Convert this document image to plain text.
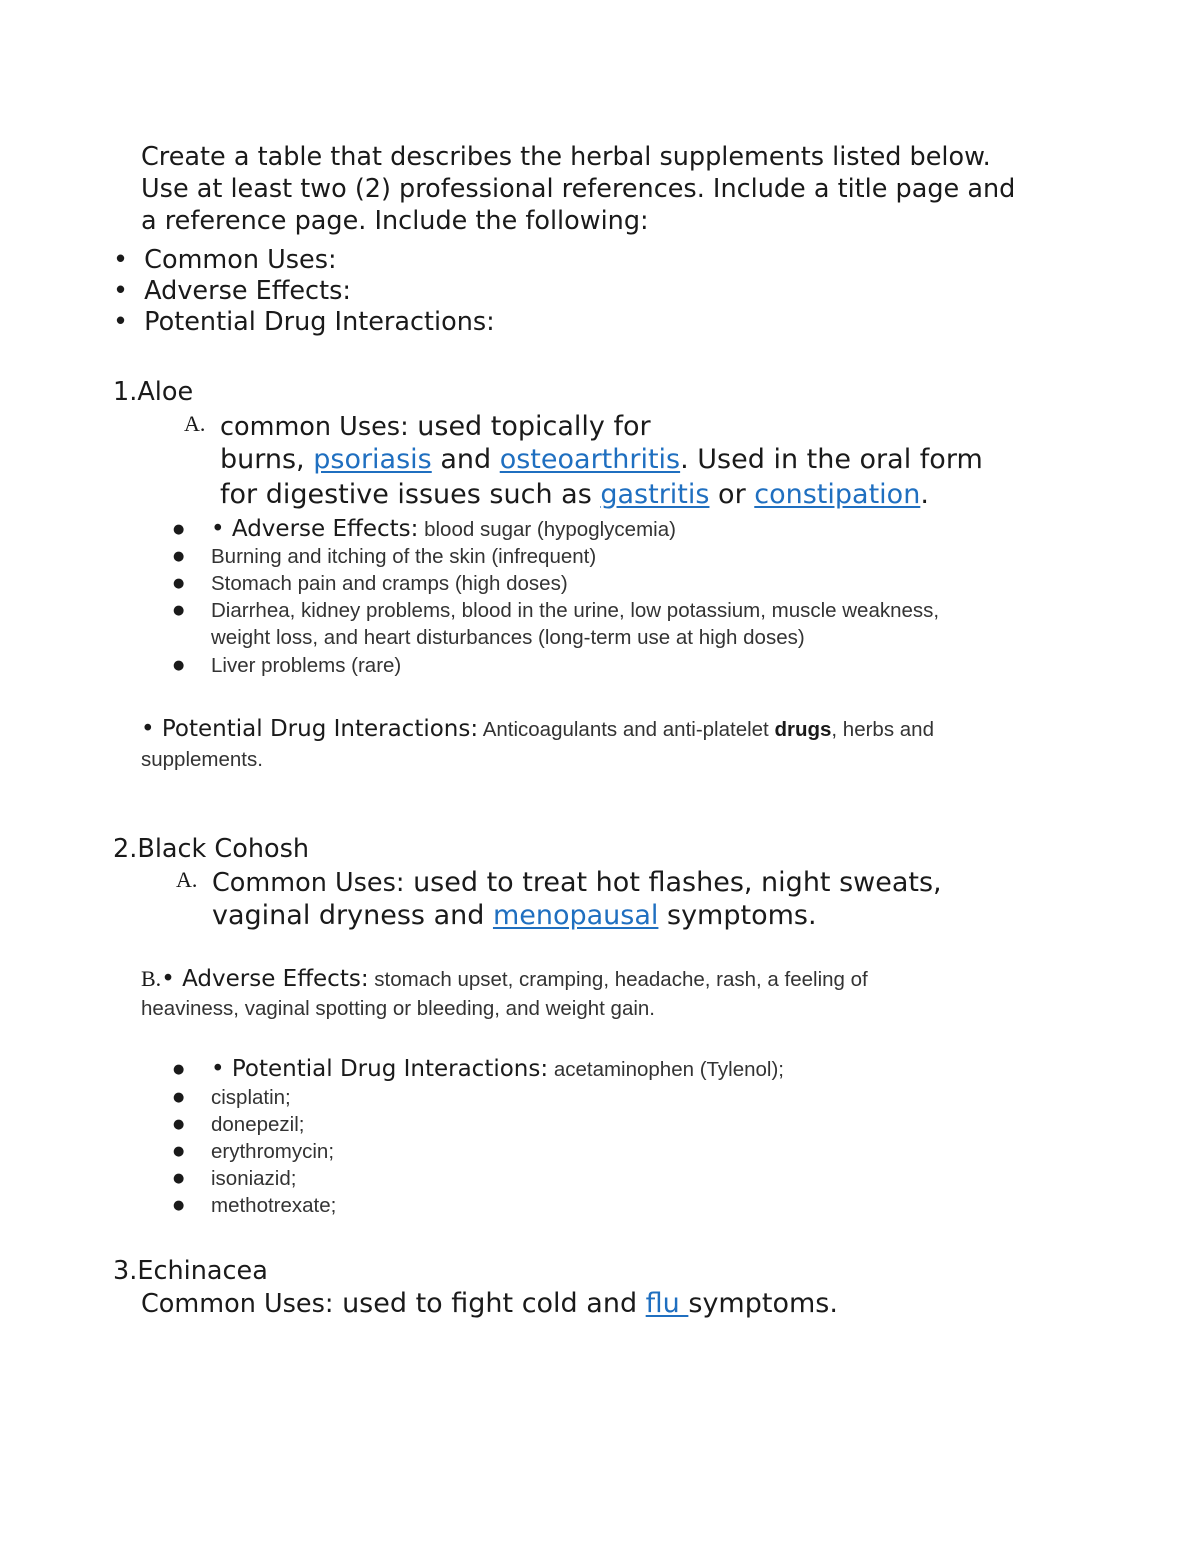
Create a table that describes the herbal supplements listed below.
Use at least two (2) professional references. Include a title page and
a reference page. Include the following:
• Common Uses:
• Adverse Effects:
• Potential Drug Interactions:
1.Aloe
A. common Uses: used topically for
burns, psoriasis and osteoarthritis. Used in the oral form
for digestive issues such as gastritis or constipation.
● • Adverse Effects: blood sugar (hypoglycemia)
● Burning and itching of the skin (infrequent)
● Stomach pain and cramps (high doses)
● Diarrhea, kidney problems, blood in the urine, low potassium, muscle weakness,
weight loss, and heart disturbances (long-term use at high doses)
● Liver problems (rare)
• Potential Drug Interactions: Anticoagulants and anti-platelet drugs, herbs and
supplements.
2.Black Cohosh
A. Common Uses: used to treat hot flashes, night sweats,
vaginal dryness and menopausal symptoms.
B.• Adverse Effects: stomach upset, cramping, headache, rash, a feeling of
heaviness, vaginal spotting or bleeding, and weight gain.
● • Potential Drug Interactions: acetaminophen (Tylenol);
● cisplatin;
● donepezil;
● erythromycin;
● isoniazid;
● methotrexate;
3.Echinacea
Common Uses: used to fight cold and flu symptoms.
